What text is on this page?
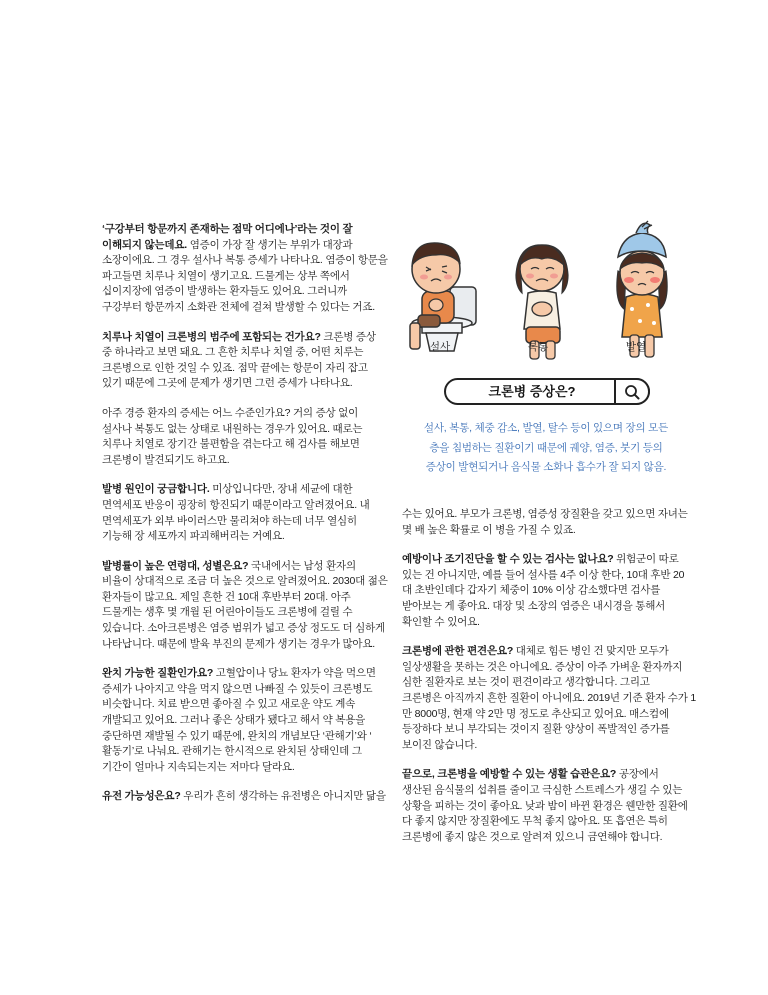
‘구강부터 항문까지 존재하는 점막 어디에나’라는 것이 잘
이해되지 않는데요. 염증이 가장 잘 생기는 부위가 대장과
소장이에요. 그 경우 설사나 복통 증세가 나타나요. 염증이 항문을
파고들면 치루나 치열이 생기고요. 드물게는 상부 쪽에서
십이지장에 염증이 발생하는 환자들도 있어요. 그러니까
구강부터 항문까지 소화관 전체에 걸쳐 발생할 수 있다는 거죠.
치루나 치열이 크론병의 범주에 포함되는 건가요? 크론병 증상
중 하나라고 보면 돼요. 그 흔한 치루나 치열 중, 어떤 치루는
크론병으로 인한 것일 수 있죠. 점막 끝에는 항문이 자리 잡고
있기 때문에 그곳에 문제가 생기면 그런 증세가 나타나요.
아주 경증 환자의 증세는 어느 수준인가요? 거의 증상 없이
설사나 복통도 없는 상태로 내원하는 경우가 있어요. 때로는
치루나 치열로 장기간 불편함을 겪는다고 해 검사를 해보면
크론병이 발견되기도 하고요.
발병 원인이 궁금합니다. 미상입니다만, 장내 세균에 대한
면역세포 반응이 굉장히 항진되기 때문이라고 알려졌어요. 내
면역세포가 외부 바이러스만 물리쳐야 하는데 너무 열심히
기능해 장 세포까지 파괴해버리는 거예요.
발병률이 높은 연령대, 성별은요? 국내에서는 남성 환자의
비율이 상대적으로 조금 더 높은 것으로 알려졌어요. 2030대 젊은
환자들이 많고요. 제일 흔한 건 10대 후반부터 20대. 아주
드물게는 생후 몇 개월 된 어린아이들도 크론병에 걸릴 수
있습니다. 소아크론병은 염증 범위가 넓고 증상 정도도 더 심하게
나타납니다. 때문에 발육 부진의 문제가 생기는 경우가 많아요.
완치 가능한 질환인가요? 고혈압이나 당뇨 환자가 약을 먹으면
증세가 나아지고 약을 먹지 않으면 나빠질 수 있듯이 크론병도
비슷합니다. 치료 받으면 좋아질 수 있고 새로운 약도 계속
개발되고 있어요. 그러나 좋은 상태가 됐다고 해서 약 복용을
중단하면 재발될 수 있기 때문에, 완치의 개념보단 ‘관해기’와 ‘
활동기’로 나눠요. 관해기는 한시적으로 완치된 상태인데 그
기간이 얼마나 지속되는지는 저마다 달라요.
유전 가능성은요? 우리가 흔히 생각하는 유전병은 아니지만 닮을
설사	복통	발열
크론병 증상은?
설사, 복통, 체중 감소, 발열, 탈수 등이 있으며 장의 모든
층을 침범하는 질환이기 때문에 궤양, 염증, 붓기 등의
증상이 발현되거나 음식물 소화나 흡수가 잘 되지 않음.
수는 있어요. 부모가 크론병, 염증성 장질환을 갖고 있으면 자녀는
몇 배 높은 확률로 이 병을 가질 수 있죠.
예방이나 조기진단을 할 수 있는 검사는 없나요? 위험군이 따로
있는 건 아니지만, 예를 들어 설사를 4주 이상 한다, 10대 후반 20
대 초반인데다 갑자기 체중이 10% 이상 감소했다면 검사를
받아보는 게 좋아요. 대장 및 소장의 염증은 내시경을 통해서
확인할 수 있어요.
크론병에 관한 편견은요? 대체로 힘든 병인 건 맞지만 모두가
일상생활을 못하는 것은 아니에요. 증상이 아주 가벼운 환자까지
심한 질환자로 보는 것이 편견이라고 생각합니다. 그리고
크론병은 아직까지 흔한 질환이 아니에요. 2019년 기준 환자 수가 1
만 8000명, 현재 약 2만 명 정도로 추산되고 있어요. 매스컴에
등장하다 보니 부각되는 것이지 질환 양상이 폭발적인 증가를
보이진 않습니다.
끝으로, 크론병을 예방할 수 있는 생활 습관은요? 공장에서
생산된 음식물의 섭취를 줄이고 극심한 스트레스가 생길 수 있는
상황을 피하는 것이 좋아요. 낮과 밤이 바뀐 환경은 웬만한 질환에
다 좋지 않지만 장질환에도 무척 좋지 않아요. 또 흡연은 특히
크론병에 좋지 않은 것으로 알려져 있으니 금연해야 합니다.
